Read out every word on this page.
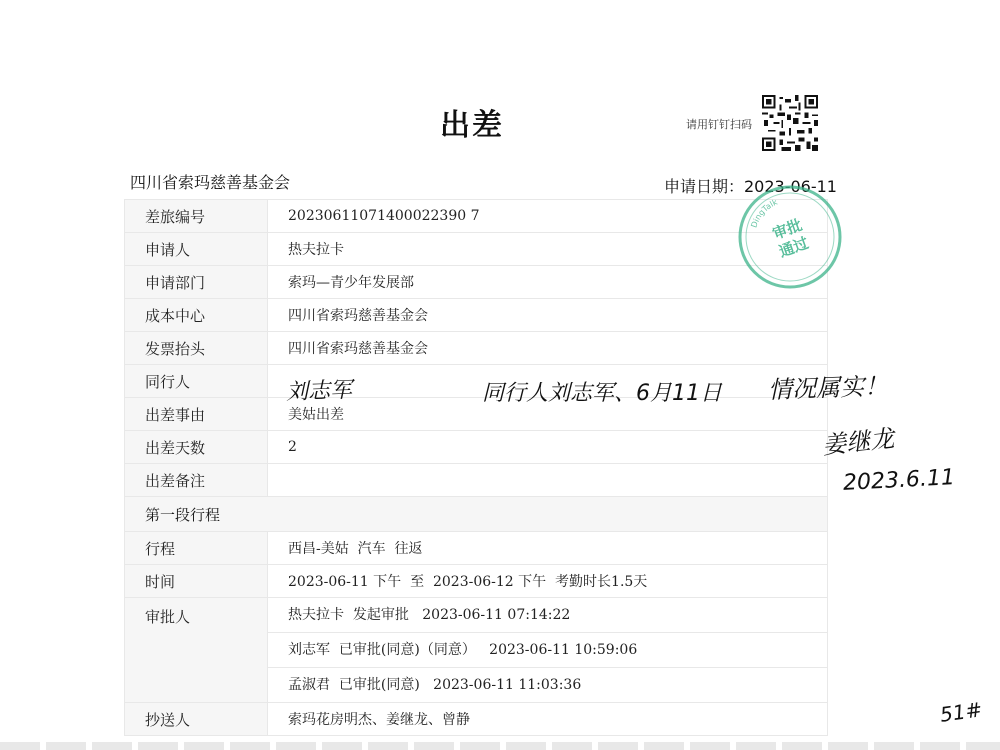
出差	请用钉钉扫码
四川省索玛慈善基金会	申请日期：2023-06-11
差旅编号	20230611071400022390 7
申请人	热夫拉卡
申请部门	索玛—青少年发展部
成本中心	四川省索玛慈善基金会
发票抬头	四川省索玛慈善基金会
同行人	
出差事由	美姑出差
出差天数	2
出差备注	
第一段行程	
行程	西昌-美姑  汽车  往返
时间	2023-06-11 下午  至  2023-06-12 下午  考勤时长1.5天
审批人	热夫拉卡  发起审批   2023-06-11 07:14:22
刘志军  已审批(同意)（同意）   2023-06-11 10:59:06
孟淑君  已审批(同意)   2023-06-11 11:03:36

抄送人	索玛花房明杰、姜继龙、曾静
DingTalk
审批
通过
刘志军	同行人刘志军、6月11日 情况属实！
姜继龙
2023.6.11
51#
